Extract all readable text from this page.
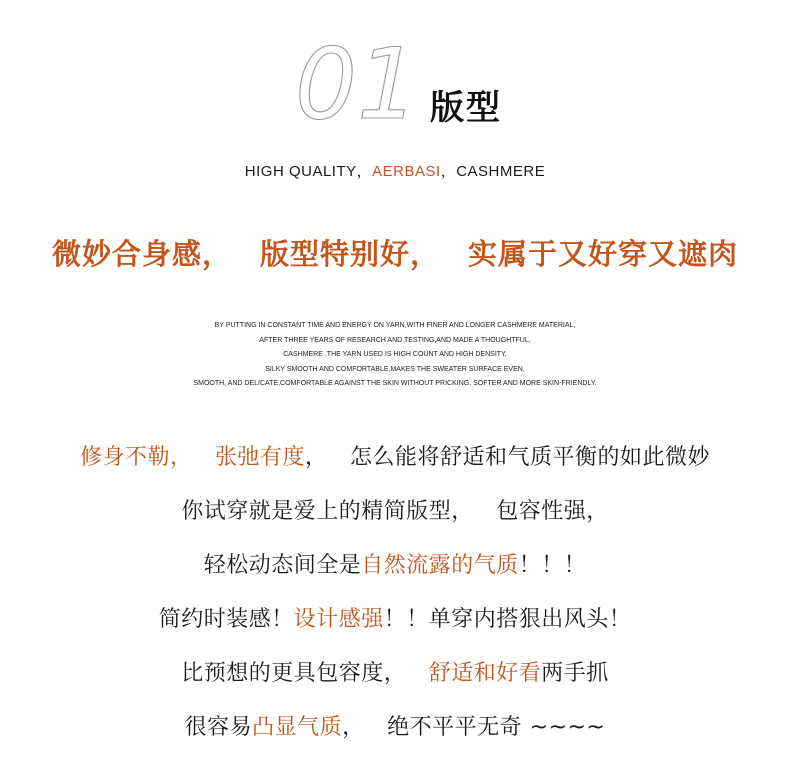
01 版型
HIGH QUALITY，AERBASI，CASHMERE
微妙合身感， 版型特别好， 实属于又好穿又遮肉
BY PUTTING IN CONSTANT TIME AND ENERGY ON YARN,WITH FINER AND LONGER CASHMERE MATERIAL,
AFTER THREE YEARS OF RESEARCH AND TESTING,AND MADE A THOUGHTFUL,
CASHMERE .THE YARN USED IS HIGH COUNT AND HIGH DENSITY,
SILKY SMOOTH AND COMFORTABLE,MAKES THE SWEATER SURFACE EVEN,
SMOOTH, AND DELICATE,COMFORTABLE AGAINST THE SKIN WITHOUT PRICKING, SOFTER AND MORE SKIN-FRIENDLY.
修身不勒， 张弛有度，   怎么能将舒适和气质平衡的如此微妙
你试穿就是爱上的精简版型，   包容性强，
轻松动态间全是自然流露的气质！！！
简约时装感！设计感强！！单穿内搭狠出风头！
比预想的更具包容度，   舒适和好看两手抓
很容易凸显气质，   绝不平平无奇 ~~~~
